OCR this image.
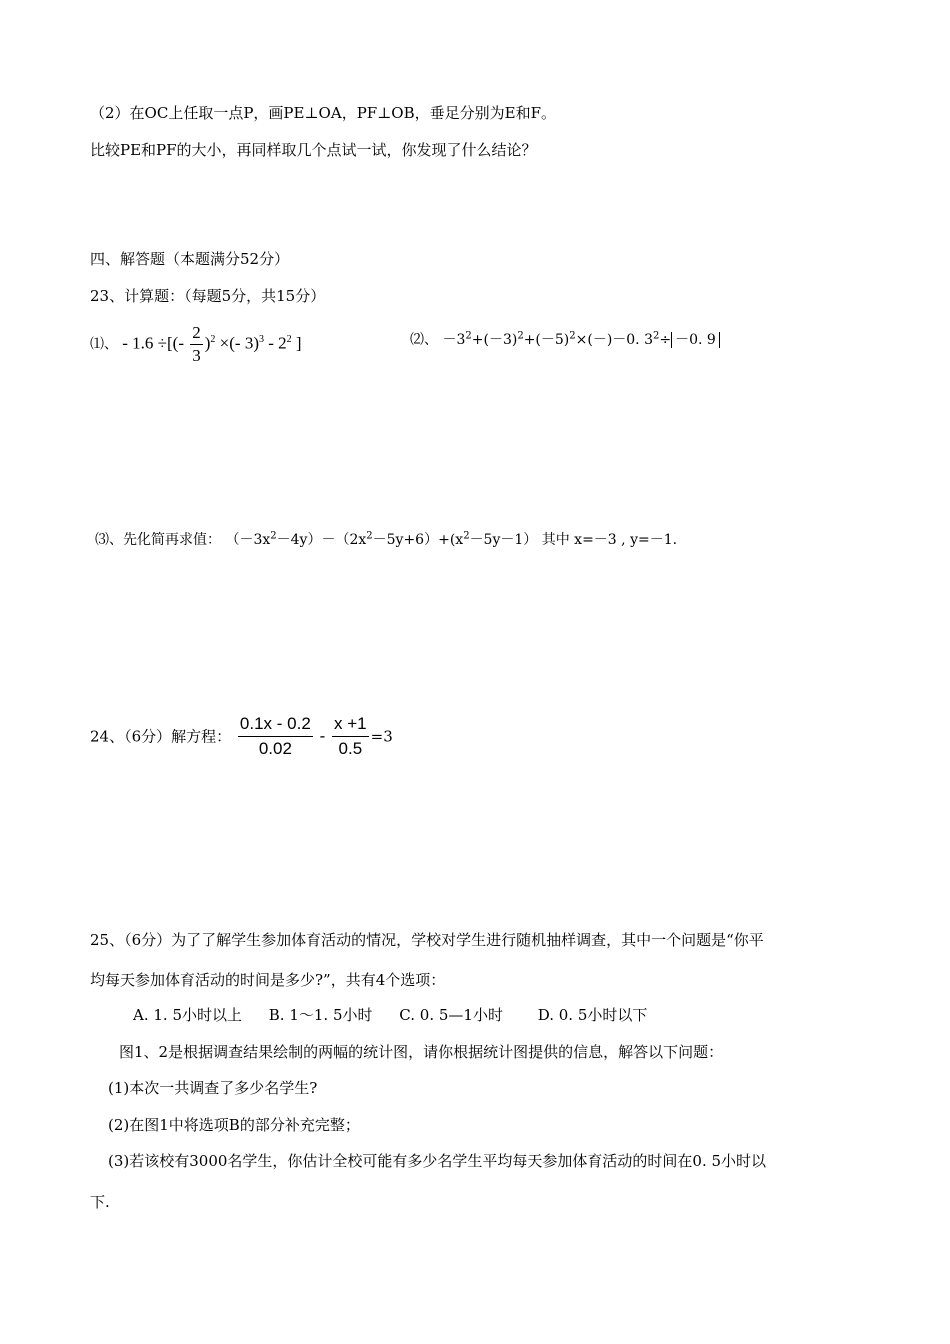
（2）在OC上任取一点P，画PE⊥OA，PF⊥OB，垂足分别为E和F。
比较PE和PF的大小，再同样取几个点试一试，你发现了什么结论？
四、解答题（本题满分52分）
23、计算题：（每题5分，共15分）
⑴、 - 1.6 ÷[(- $\frac{2}{3} )^2$ ×(- $3)^3 - 2^2$ ]	⑵、 $-3^2+(-3)^2+(-5)^2\times(-)-0$. $3^2\div -0$. 9
⑶、先化简再求值： $(-3x^2-4y)-(2x^2-5y+6)+(x^2-5y-1)$ 其中 x=－3 , y=－1.
24、（6分）解方程： $\frac{0.1x - 0.2}{0.02} - \frac{x +1}{0.5} =3$
25、（6分）为了了解学生参加体育活动的情况，学校对学生进行随机抽样调查，其中一个问题是“你平
均每天参加体育活动的时间是多少?”，共有4个选项：
A. 1. 5小时以上 B. 1～1. 5小时 C. 0. 5—1小时 D. 0. 5小时以下
图1、2是根据调查结果绘制的两幅的统计图，请你根据统计图提供的信息，解答以下问题：
(1)本次一共调查了多少名学生?
(2)在图1中将选项B的部分补充完整；
(3)若该校有3000名学生，你估计全校可能有多少名学生平均每天参加体育活动的时间在0. 5小时以
下.
